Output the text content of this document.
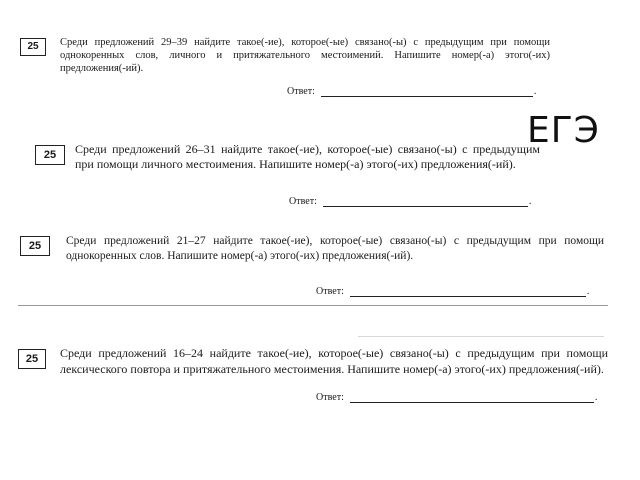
ЕГЭ
25	Среди предложений 29–39 найдите такое(-ие), которое(-ые) связано(-ы) с предыдущим при помощи однокоренных слов, личного и притяжательного местоимений. Напишите номер(-а) этого(-их) предложения(-ий).
Ответ:	.
25	Среди предложений 26–31 найдите такое(-ие), которое(-ые) связано(-ы) с предыдущим при помощи личного местоимения. Напишите номер(-а) этого(-их) предложения(-ий).
Ответ:	.
25	Среди предложений 21–27 найдите такое(-ие), которое(-ые) связано(-ы) с предыдущим при помощи однокоренных слов. Напишите номер(-а) этого(-их) предложения(-ий).
Ответ:	.
25	Среди предложений 16–24 найдите такое(-ие), которое(-ые) связано(-ы) с предыдущим при помощи лексического повтора и притяжательного местоимения. Напишите номер(-а) этого(-их) предложения(-ий).
Ответ:	.
